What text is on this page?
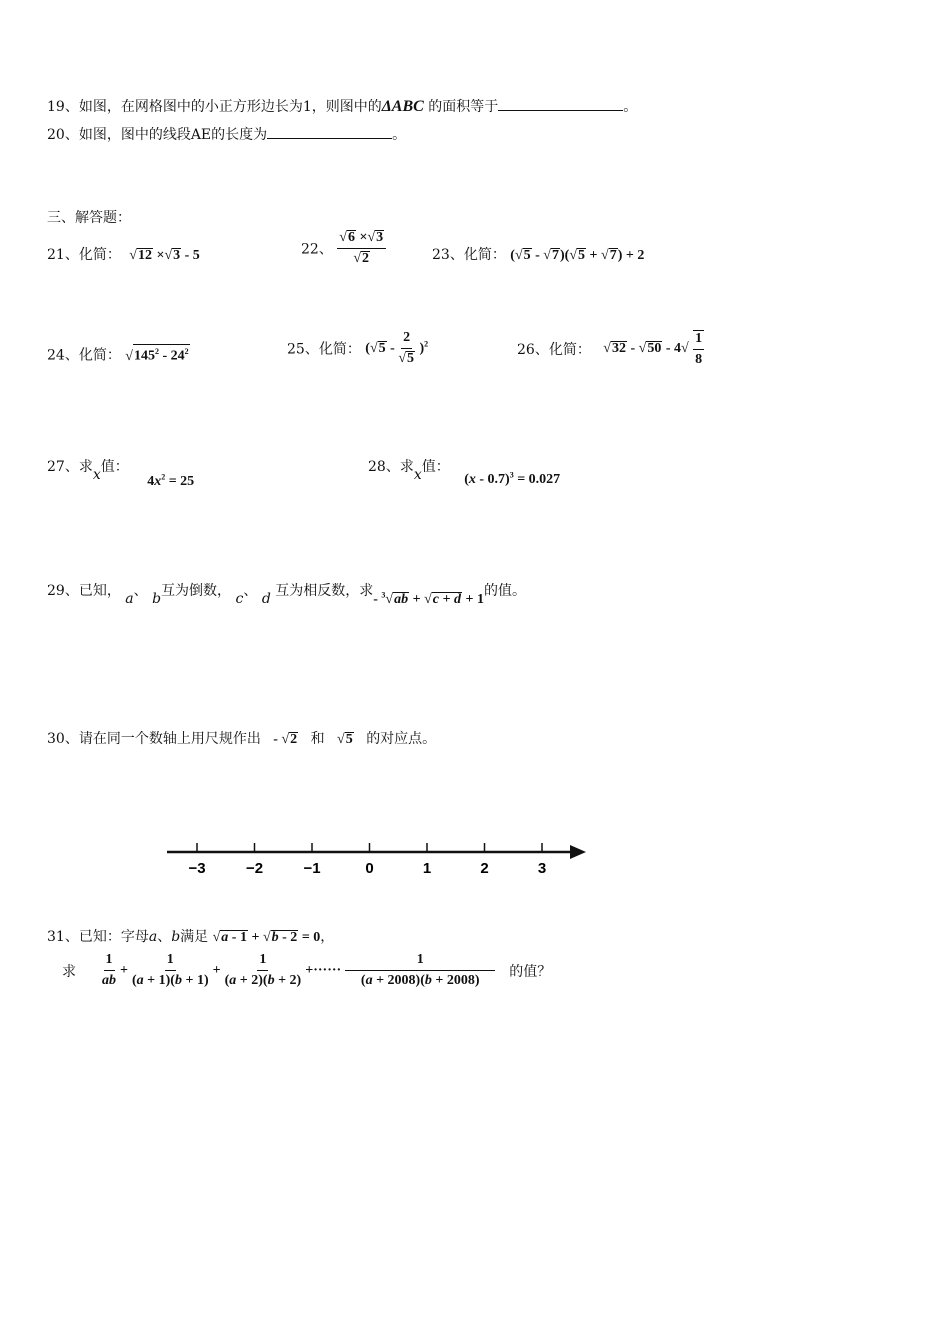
19、如图，在网格图中的小正方形边长为1，则图中的ΔABC 的面积等于	。
20、如图，图中的线段AE的长度为	。
三、解答题：
21、化简： √12 ×√3 - 5	22、 $\frac{√6 \times√3}{√2}$	23、化简： (√5 - √7)(√5 + √7) + 2
24、化简： $√145^2 - 24^2$	25、化简： $(√5 - \frac{2}{√5} )^2$	26、化简： $√32 - √50 - 4√ \frac{1}{8}$
27、求x值： $4x^2 = 25$
28、求x值： (x - 0.7)$^3$ = 0.027
29、已知， a、 b互为倒数， c、 d 互为相反数，求- $^3$√ab + √c + d + 1的值。
30、请在同一个数轴上用尺规作出 - √2 和 √5 的对应点。
−3	−2	−1	0	1	2	3
31、已知：字母a、b满足 √a - 1 + √b - 2 = 0，
求 $\frac{1}{ab} + \frac{1}{(a + 1)(b + 1)} + \frac{1}{(a + 2)(b + 2)}$ +······ $\frac{1}{(a + 2008)(b + 2008)}$ 的值？
